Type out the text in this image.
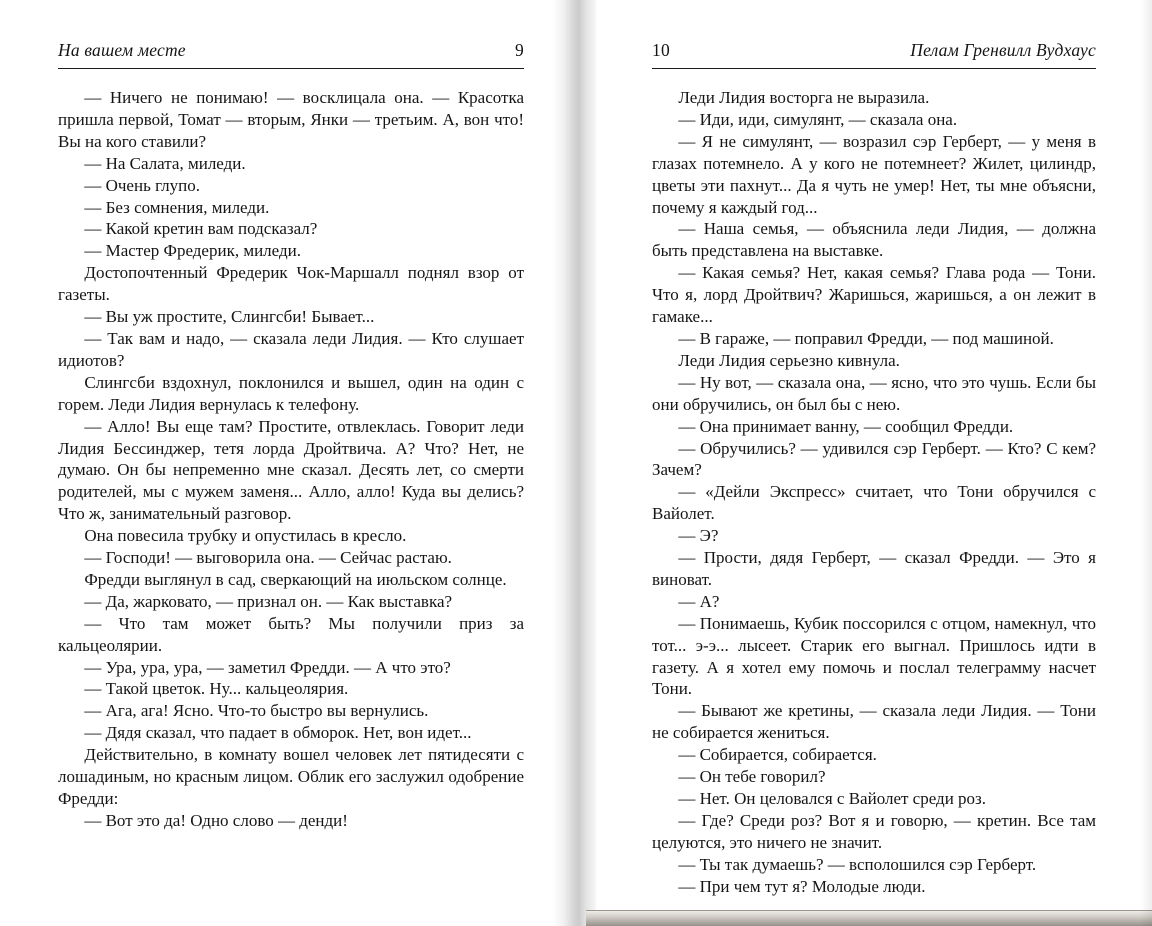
На вашем месте	9

— Ничего не понимаю! — восклицала она. — Красотка пришла первой, Томат — вторым, Янки — третьим. А, вон что! Вы на кого ставили?

— На Салата, миледи.

— Очень глупо.

— Без сомнения, миледи.

— Какой кретин вам подсказал?

— Мастер Фредерик, миледи.

Достопочтенный Фредерик Чок-Маршалл поднял взор от газеты.

— Вы уж простите, Слингсби! Бывает...

— Так вам и надо, — сказала леди Лидия. — Кто слушает идиотов?

Слингсби вздохнул, поклонился и вышел, один на один с горем. Леди Лидия вернулась к телефону.

— Алло! Вы еще там? Простите, отвлеклась. Говорит леди Лидия Бессинджер, тетя лорда Дройтвича. А? Что? Нет, не думаю. Он бы непременно мне сказал. Десять лет, со смерти родителей, мы с мужем заменя... Алло, алло! Куда вы делись? Что ж, занимательный разговор.

Она повесила трубку и опустилась в кресло.

— Господи! — выговорила она. — Сейчас растаю.

Фредди выглянул в сад, сверкающий на июльском солнце.

— Да, жарковато, — признал он. — Как выставка?

— Что там может быть? Мы получили приз за кальцеолярии.

— Ура, ура, ура, — заметил Фредди. — А что это?

— Такой цветок. Ну... кальцеолярия.

— Ага, ага! Ясно. Что-то быстро вы вернулись.

— Дядя сказал, что падает в обморок. Нет, вон идет...

Действительно, в комнату вошел человек лет пятидесяти с лошадиным, но красным лицом. Облик его заслужил одобрение Фредди:

— Вот это да! Одно слово — денди!

10	Пелам Гренвилл Вудхаус

Леди Лидия восторга не выразила.

— Иди, иди, симулянт, — сказала она.

— Я не симулянт, — возразил сэр Герберт, — у меня в глазах потемнело. А у кого не потемнеет? Жилет, цилиндр, цветы эти пахнут... Да я чуть не умер! Нет, ты мне объясни, почему я каждый год...

— Наша семья, — объяснила леди Лидия, — должна быть представлена на выставке.

— Какая семья? Нет, какая семья? Глава рода — Тони. Что я, лорд Дройтвич? Жаришься, жаришься, а он лежит в гамаке...

— В гараже, — поправил Фредди, — под машиной.

Леди Лидия серьезно кивнула.

— Ну вот, — сказала она, — ясно, что это чушь. Если бы они обручились, он был бы с нею.

— Она принимает ванну, — сообщил Фредди.

— Обручились? — удивился сэр Герберт. — Кто? С кем? Зачем?

— «Дейли Экспресс» считает, что Тони обручился с Вайолет.

— Э?

— Прости, дядя Герберт, — сказал Фредди. — Это я виноват.

— А?

— Понимаешь, Кубик поссорился с отцом, намекнул, что тот... э-э... лысеет. Старик его выгнал. Пришлось идти в газету. А я хотел ему помочь и послал телеграмму насчет Тони.

— Бывают же кретины, — сказала леди Лидия. — Тони не собирается жениться.

— Собирается, собирается.

— Он тебе говорил?

— Нет. Он целовался с Вайолет среди роз.

— Где? Среди роз? Вот я и говорю, — кретин. Все там целуются, это ничего не значит.

— Ты так думаешь? — всполошился сэр Герберт.

— При чем тут я? Молодые люди.
